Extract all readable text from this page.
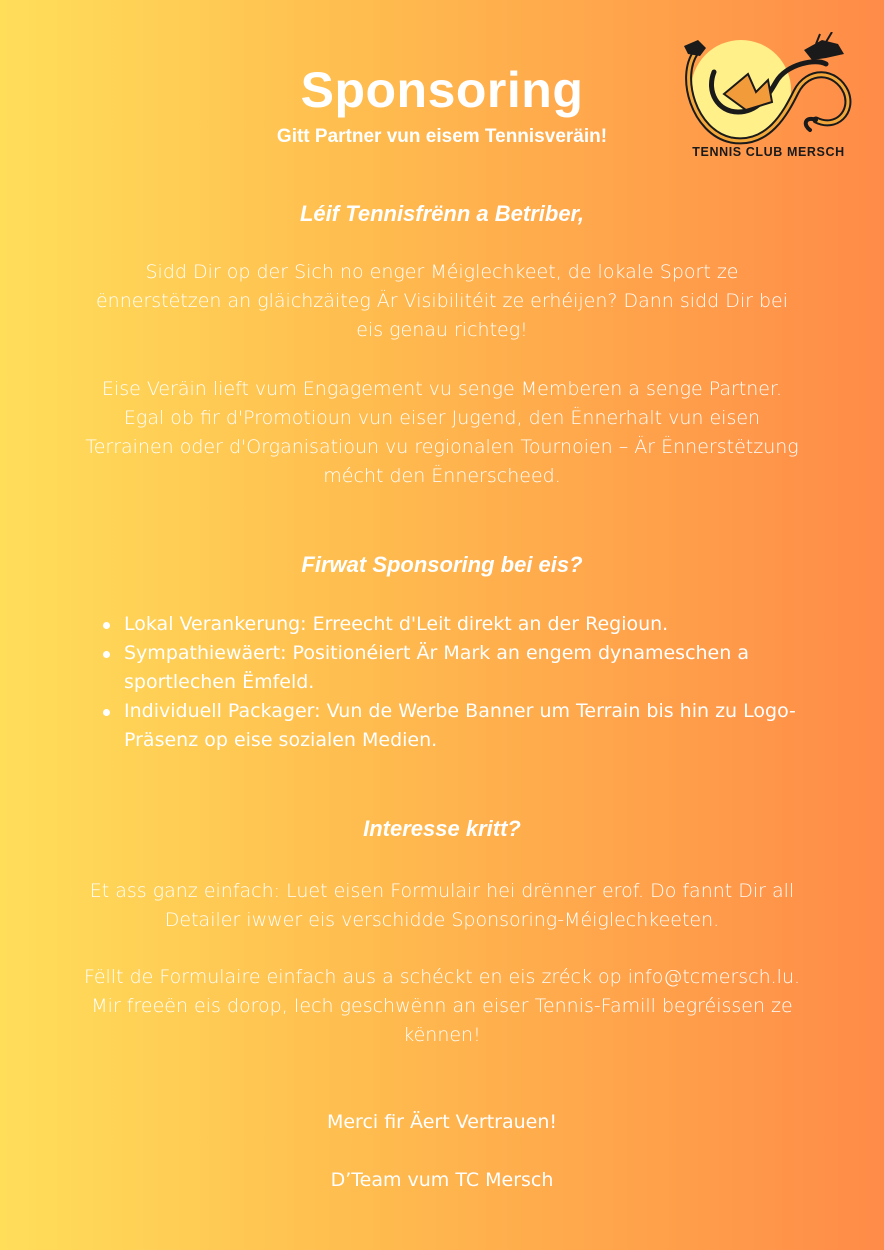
Sponsoring
Gitt Partner vun eisem Tennisveräin!
TENNIS CLUB MERSCH
Léif Tennisfrënn a Betriber,
Sidd Dir op der Sich no enger Méiglechkeet, de lokale Sport ze ënnerstëtzen an gläichzäiteg Är Visibilitéit ze erhéijen? Dann sidd Dir bei eis genau richteg!
Eise Veräin lieft vum Engagement vu senge Memberen a senge Partner. Egal ob fir d'Promotioun vun eiser Jugend, den Ënnerhalt vun eisen Terrainen oder d'Organisatioun vu regionalen Tournoien – Är Ënnerstëtzung mécht den Ënnerscheed.
Firwat Sponsoring bei eis?
Lokal Verankerung: Erreecht d'Leit direkt an der Regioun.
Sympathiewäert: Positionéiert Är Mark an engem dynameschen a sportlechen Ëmfeld.
Individuell Packager: Vun de Werbe Banner um Terrain bis hin zu Logo-Präsenz op eise sozialen Medien.
Interesse kritt?
Et ass ganz einfach: Luet eisen Formulair hei drënner erof. Do fannt Dir all Detailer iwwer eis verschidde Sponsoring-Méiglechkeeten.
Fëllt de Formulaire einfach aus a schéckt en eis zréck op info@tcmersch.lu. Mir freeën eis dorop, Iech geschwënn an eiser Tennis-Famill begréissen ze kënnen!
Merci fir Äert Vertrauen!
D’Team vum TC Mersch
